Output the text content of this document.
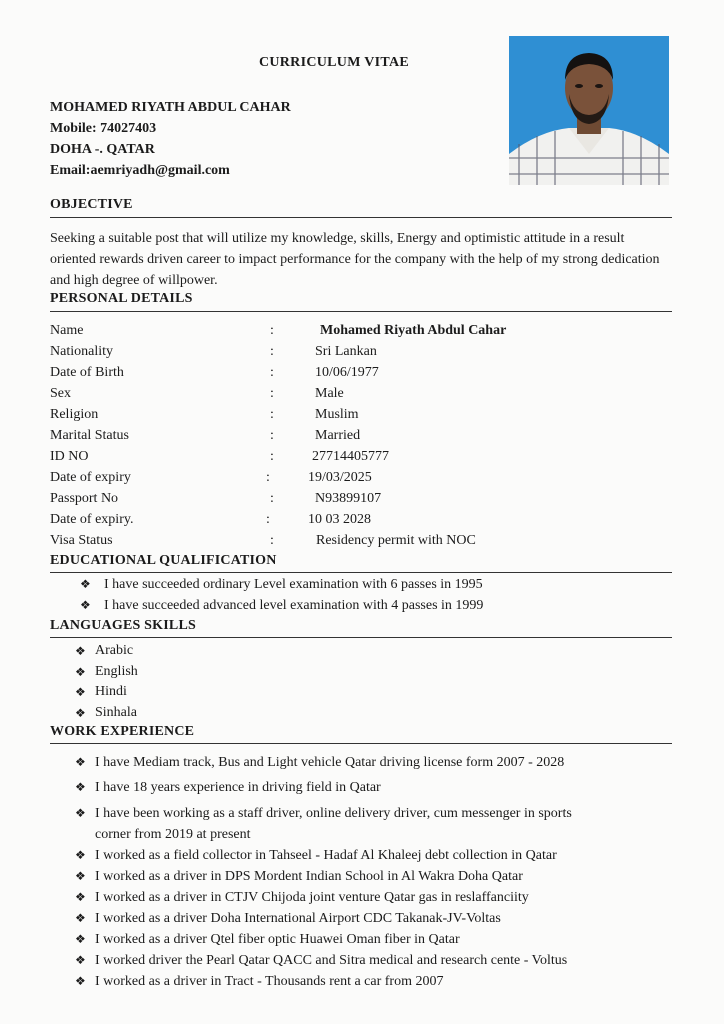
CURRICULUM VITAE
MOHAMED RIYATH ABDUL CAHAR
Mobile: 74027403
DOHA -. QATAR
Email:aemriyadh@gmail.com
OBJECTIVE
Seeking a suitable post that will utilize my knowledge, skills, Energy and optimistic attitude in a result oriented rewards driven career to impact performance for the company with the help of my strong dedication and high degree of willpower.
PERSONAL DETAILS
Name	:	Mohamed Riyath Abdul Cahar
Nationality	:	Sri Lankan
Date of Birth	:	10/06/1977
Sex	:	Male
Religion	:	Muslim
Marital Status	:	Married
ID NO	:	27714405777
Date of expiry	:	19/03/2025
Passport No	:	N93899107
Date of expiry.	:	10 03 2028
Visa Status	:	Residency permit with NOC
EDUCATIONAL QUALIFICATION
❖ I have succeeded ordinary Level examination with 6 passes in 1995
❖ I have succeeded advanced level examination with 4 passes in 1999
LANGUAGES SKILLS
❖ Arabic
❖ English
❖ Hindi
❖ Sinhala
WORK EXPERIENCE
❖ I have Mediam track, Bus and Light vehicle Qatar driving license form 2007 - 2028
❖ I have 18 years experience in driving field in Qatar
❖ I have been working as a staff driver, online delivery driver, cum messenger in sports corner from 2019 at present
❖ I worked as a field collector in Tahseel - Hadaf Al Khaleej debt collection in Qatar
❖ I worked as a driver in DPS Mordent Indian School in Al Wakra Doha Qatar
❖ I worked as a driver in CTJV Chijoda joint venture Qatar gas in reslaffanciity
❖ I worked as a driver Doha International Airport CDC Takanak-JV-Voltas
❖ I worked as a driver Qtel fiber optic Huawei Oman fiber in Qatar
❖ I worked driver the Pearl Qatar QACC and Sitra medical and research cente - Voltus
❖ I worked as a driver in Tract - Thousands rent a car from 2007
